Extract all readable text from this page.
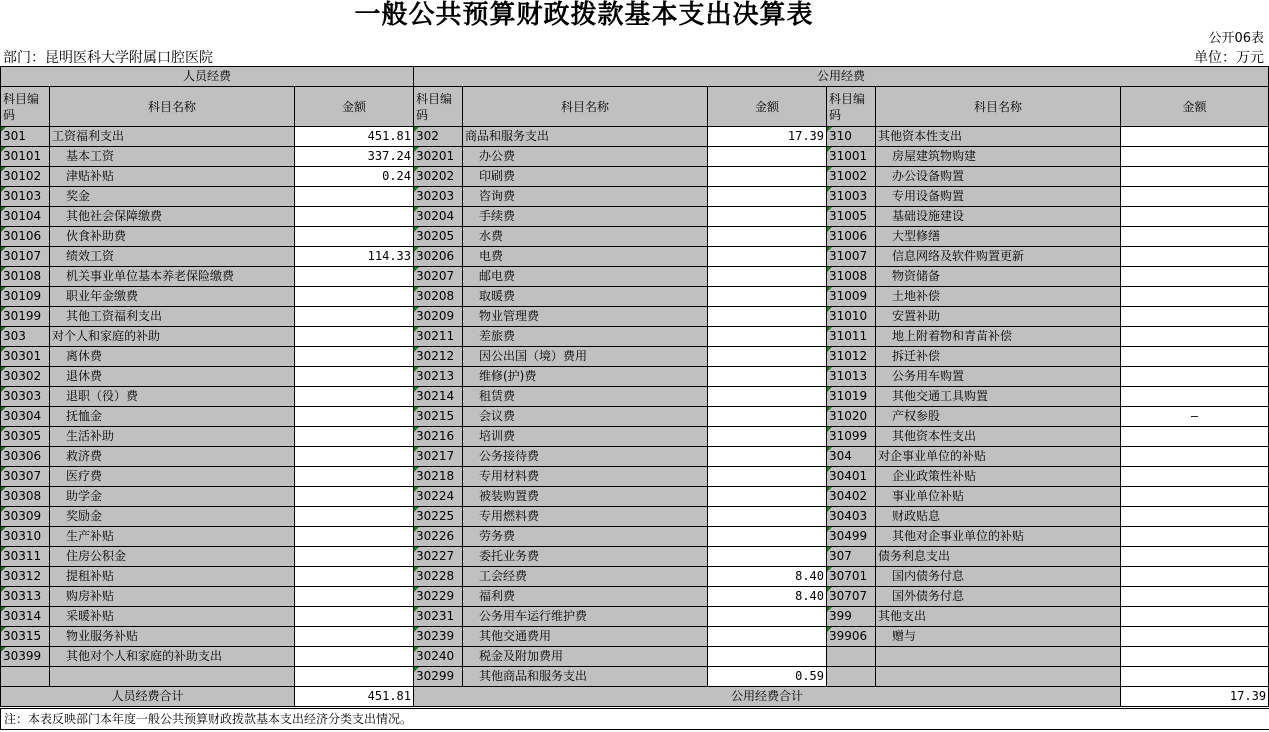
一般公共预算财政拨款基本支出决算表
公开06表
部门：昆明医科大学附属口腔医院	单位：万元
人员经费			公用经费					
科目编码	科目名称	金额	科目编码	科目名称	金额	科目编码	科目名称	金额
301	工资福利支出	451.81	302	商品和服务支出	17.39	310	其他资本性支出	
30101	基本工资	337.24	30201	办公费		31001	房屋建筑物购建	
30102	津贴补贴	0.24	30202	印刷费		31002	办公设备购置	
30103	奖金		30203	咨询费		31003	专用设备购置	
30104	其他社会保障缴费		30204	手续费		31005	基础设施建设	
30106	伙食补助费		30205	水费		31006	大型修缮	
30107	绩效工资	114.33	30206	电费		31007	信息网络及软件购置更新	
30108	机关事业单位基本养老保险缴费		30207	邮电费		31008	物资储备	
30109	职业年金缴费		30208	取暖费		31009	土地补偿	
30199	其他工资福利支出		30209	物业管理费		31010	安置补助	
303	对个人和家庭的补助		30211	差旅费		31011	地上附着物和青苗补偿	
30301	离休费		30212	因公出国（境）费用		31012	拆迁补偿	
30302	退休费		30213	维修(护)费		31013	公务用车购置	
30303	退职（役）费		30214	租赁费		31019	其他交通工具购置	
30304	抚恤金		30215	会议费		31020	产权参股	—
30305	生活补助		30216	培训费		31099	其他资本性支出	
30306	救济费		30217	公务接待费		304	对企事业单位的补贴	
30307	医疗费		30218	专用材料费		30401	企业政策性补贴	
30308	助学金		30224	被装购置费		30402	事业单位补贴	
30309	奖励金		30225	专用燃料费		30403	财政贴息	
30310	生产补贴		30226	劳务费		30499	其他对企事业单位的补贴	
30311	住房公积金		30227	委托业务费		307	债务利息支出	
30312	提租补贴		30228	工会经费	8.40	30701	国内债务付息	
30313	购房补贴		30229	福利费	8.40	30707	国外债务付息	
30314	采暖补贴		30231	公务用车运行维护费		399	其他支出	
30315	物业服务补贴		30239	其他交通费用		39906	赠与	
30399	其他对个人和家庭的补助支出		30240	税金及附加费用				
			30299	其他商品和服务支出	0.59			
人员经费合计		451.81	公用经费合计					17.39
注：本表反映部门本年度一般公共预算财政拨款基本支出经济分类支出情况。
